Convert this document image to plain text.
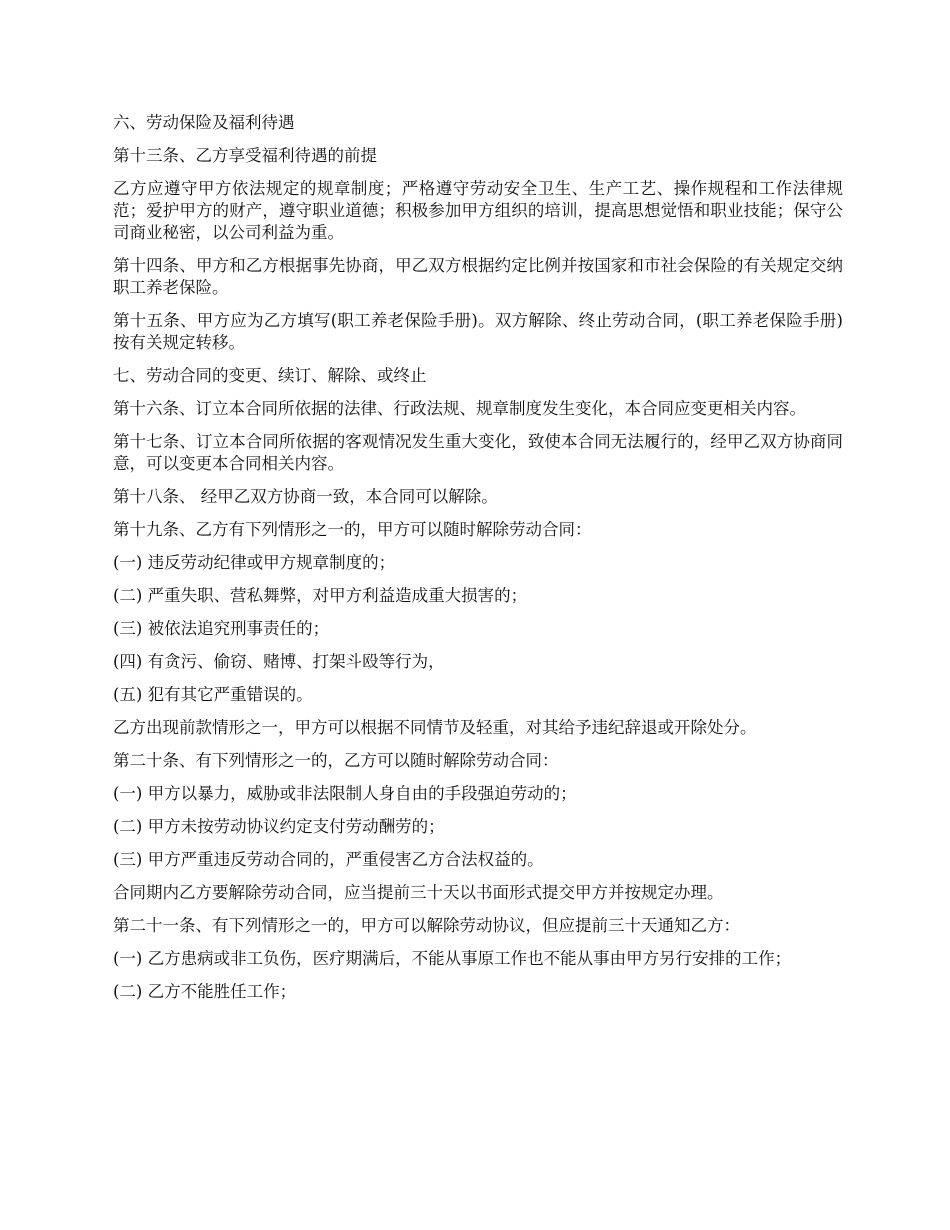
六、劳动保险及福利待遇

第十三条、乙方享受福利待遇的前提

乙方应遵守甲方依法规定的规章制度；严格遵守劳动安全卫生、生产工艺、操作规程和工作法律规范；爱护甲方的财产，遵守职业道德；积极参加甲方组织的培训，提高思想觉悟和职业技能；保守公司商业秘密，以公司利益为重。

第十四条、甲方和乙方根据事先协商，甲乙双方根据约定比例并按国家和市社会保险的有关规定交纳职工养老保险。

第十五条、甲方应为乙方填写(职工养老保险手册)。双方解除、终止劳动合同，(职工养老保险手册)按有关规定转移。

七、劳动合同的变更、续订、解除、或终止

第十六条、订立本合同所依据的法律、行政法规、规章制度发生变化，本合同应变更相关内容。

第十七条、订立本合同所依据的客观情况发生重大变化，致使本合同无法履行的，经甲乙双方协商同意，可以变更本合同相关内容。

第十八条、 经甲乙双方协商一致，本合同可以解除。

第十九条、乙方有下列情形之一的，甲方可以随时解除劳动合同：

(一) 违反劳动纪律或甲方规章制度的；

(二) 严重失职、营私舞弊，对甲方利益造成重大损害的；

(三) 被依法追究刑事责任的；

(四) 有贪污、偷窃、赌博、打架斗殴等行为，

(五) 犯有其它严重错误的。

乙方出现前款情形之一，甲方可以根据不同情节及轻重，对其给予违纪辞退或开除处分。

第二十条、有下列情形之一的，乙方可以随时解除劳动合同：

(一) 甲方以暴力，威胁或非法限制人身自由的手段强迫劳动的；

(二) 甲方未按劳动协议约定支付劳动酬劳的；

(三) 甲方严重违反劳动合同的，严重侵害乙方合法权益的。

合同期内乙方要解除劳动合同，应当提前三十天以书面形式提交甲方并按规定办理。

第二十一条、有下列情形之一的，甲方可以解除劳动协议，但应提前三十天通知乙方：

(一) 乙方患病或非工负伤，医疗期满后，不能从事原工作也不能从事由甲方另行安排的工作；

(二) 乙方不能胜任工作；
